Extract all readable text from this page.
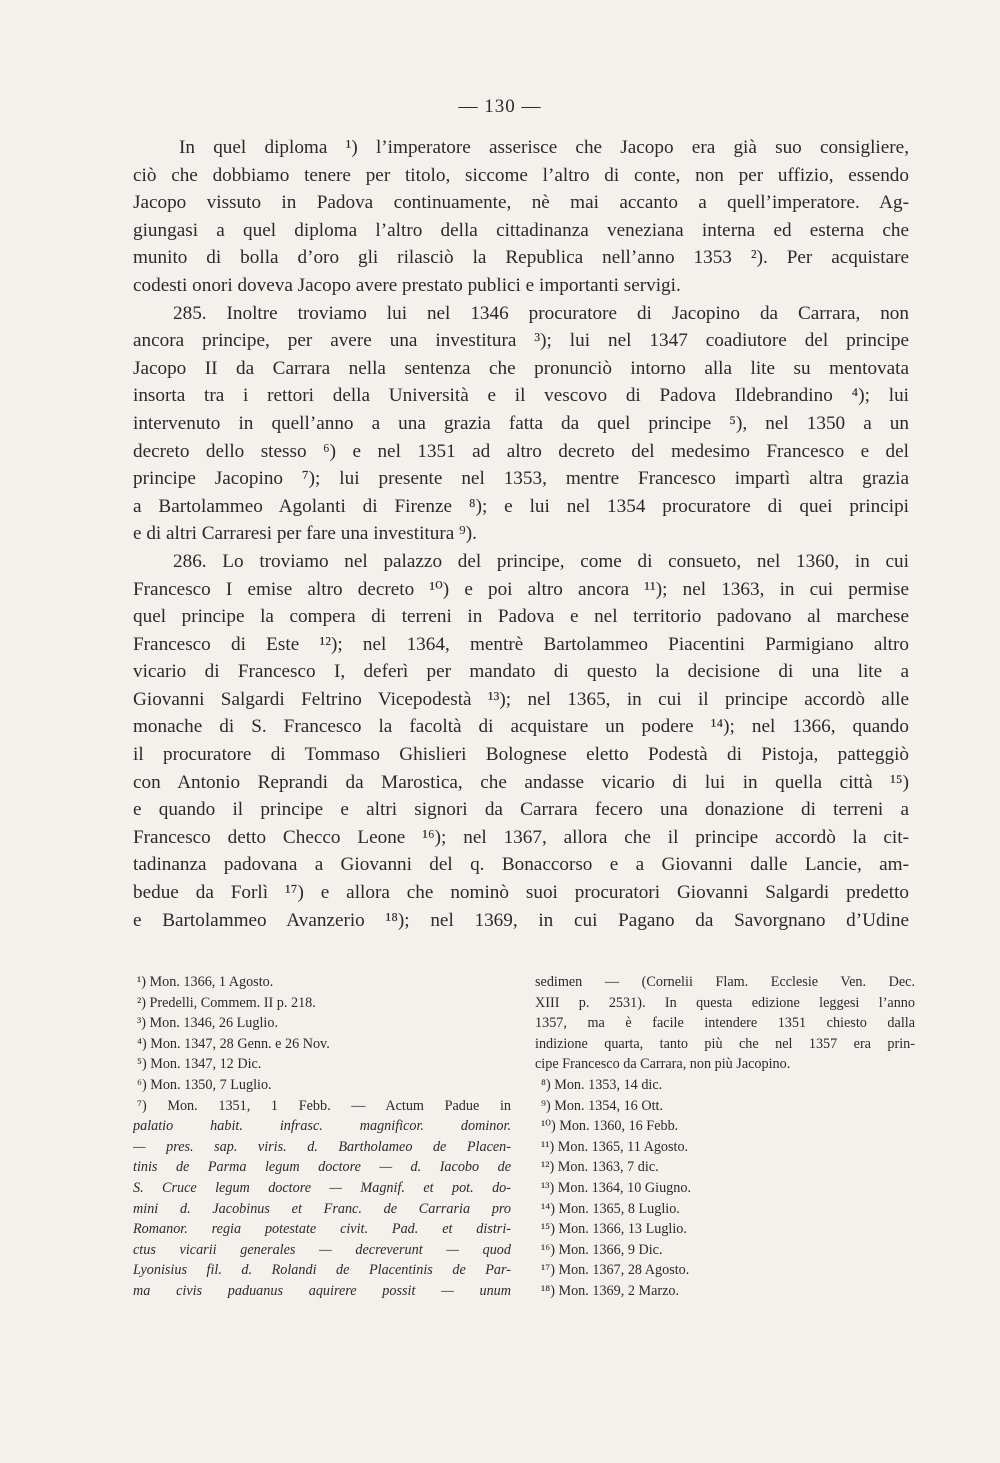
— 130 —
In quel diploma ¹) l’imperatore asserisce che Jacopo era già suo consigliere,
ciò che dobbiamo tenere per titolo, siccome l’altro di conte, non per uffizio, essendo
Jacopo vissuto in Padova continuamente, nè mai accanto a quell’imperatore. Ag-
giungasi a quel diploma l’altro della cittadinanza veneziana interna ed esterna che
munito di bolla d’oro gli rilasciò la Republica nell’anno 1353 ²). Per acquistare
codesti onori doveva Jacopo avere prestato publici e importanti servigi.
285. Inoltre troviamo lui nel 1346 procuratore di Jacopino da Carrara, non
ancora principe, per avere una investitura ³); lui nel 1347 coadiutore del principe
Jacopo II da Carrara nella sentenza che pronunciò intorno alla lite su mentovata
insorta tra i rettori della Università e il vescovo di Padova Ildebrandino ⁴); lui
intervenuto in quell’anno a una grazia fatta da quel principe ⁵), nel 1350 a un
decreto dello stesso ⁶) e nel 1351 ad altro decreto del medesimo Francesco e del
principe Jacopino ⁷); lui presente nel 1353, mentre Francesco impartì altra grazia
a Bartolammeo Agolanti di Firenze ⁸); e lui nel 1354 procuratore di quei principi
e di altri Carraresi per fare una investitura ⁹).
286. Lo troviamo nel palazzo del principe, come di consueto, nel 1360, in cui
Francesco I emise altro decreto ¹⁰) e poi altro ancora ¹¹); nel 1363, in cui permise
quel principe la compera di terreni in Padova e nel territorio padovano al marchese
Francesco di Este ¹²); nel 1364, mentrè Bartolammeo Piacentini Parmigiano altro
vicario di Francesco I, deferì per mandato di questo la decisione di una lite a
Giovanni Salgardi Feltrino Vicepodestà ¹³); nel 1365, in cui il principe accordò alle
monache di S. Francesco la facoltà di acquistare un podere ¹⁴); nel 1366, quando
il procuratore di Tommaso Ghislieri Bolognese eletto Podestà di Pistoja, patteggiò
con Antonio Reprandi da Marostica, che andasse vicario di lui in quella città ¹⁵)
e quando il principe e altri signori da Carrara fecero una donazione di terreni a
Francesco detto Checco Leone ¹⁶); nel 1367, allora che il principe accordò la cit-
tadinanza padovana a Giovanni del q. Bonaccorso e a Giovanni dalle Lancie, am-
bedue da Forlì ¹⁷) e allora che nominò suoi procuratori Giovanni Salgardi predetto
e Bartolammeo Avanzerio ¹⁸); nel 1369, in cui Pagano da Savorgnano d’Udine
¹) Mon. 1366, 1 Agosto.
²) Predelli, Commem. II p. 218.
³) Mon. 1346, 26 Luglio.
⁴) Mon. 1347, 28 Genn. e 26 Nov.
⁵) Mon. 1347, 12 Dic.
⁶) Mon. 1350, 7 Luglio.
⁷) Mon. 1351, 1 Febb. — Actum Padue in
palatio habit. infrasc. magnificor. dominor.
— pres. sap. viris. d. Bartholameo de Placen-
tinis de Parma legum doctore — d. Iacobo de
S. Cruce legum doctore — Magnif. et pot. do-
mini d. Jacobinus et Franc. de Carraria pro
Romanor. regia potestate civit. Pad. et distri-
ctus vicarii generales — decreverunt — quod
Lyonisius fil. d. Rolandi de Placentinis de Par-
ma civis paduanus aquirere possit — unum
sedimen — (Cornelii Flam. Ecclesie Ven. Dec.
XIII p. 2531). In questa edizione leggesi l’anno
1357, ma è facile intendere 1351 chiesto dalla
indizione quarta, tanto più che nel 1357 era prin-
cipe Francesco da Carrara, non più Jacopino.
⁸) Mon. 1353, 14 dic.
⁹) Mon. 1354, 16 Ott.
¹⁰) Mon. 1360, 16 Febb.
¹¹) Mon. 1365, 11 Agosto.
¹²) Mon. 1363, 7 dic.
¹³) Mon. 1364, 10 Giugno.
¹⁴) Mon. 1365, 8 Luglio.
¹⁵) Mon. 1366, 13 Luglio.
¹⁶) Mon. 1366, 9 Dic.
¹⁷) Mon. 1367, 28 Agosto.
¹⁸) Mon. 1369, 2 Marzo.
